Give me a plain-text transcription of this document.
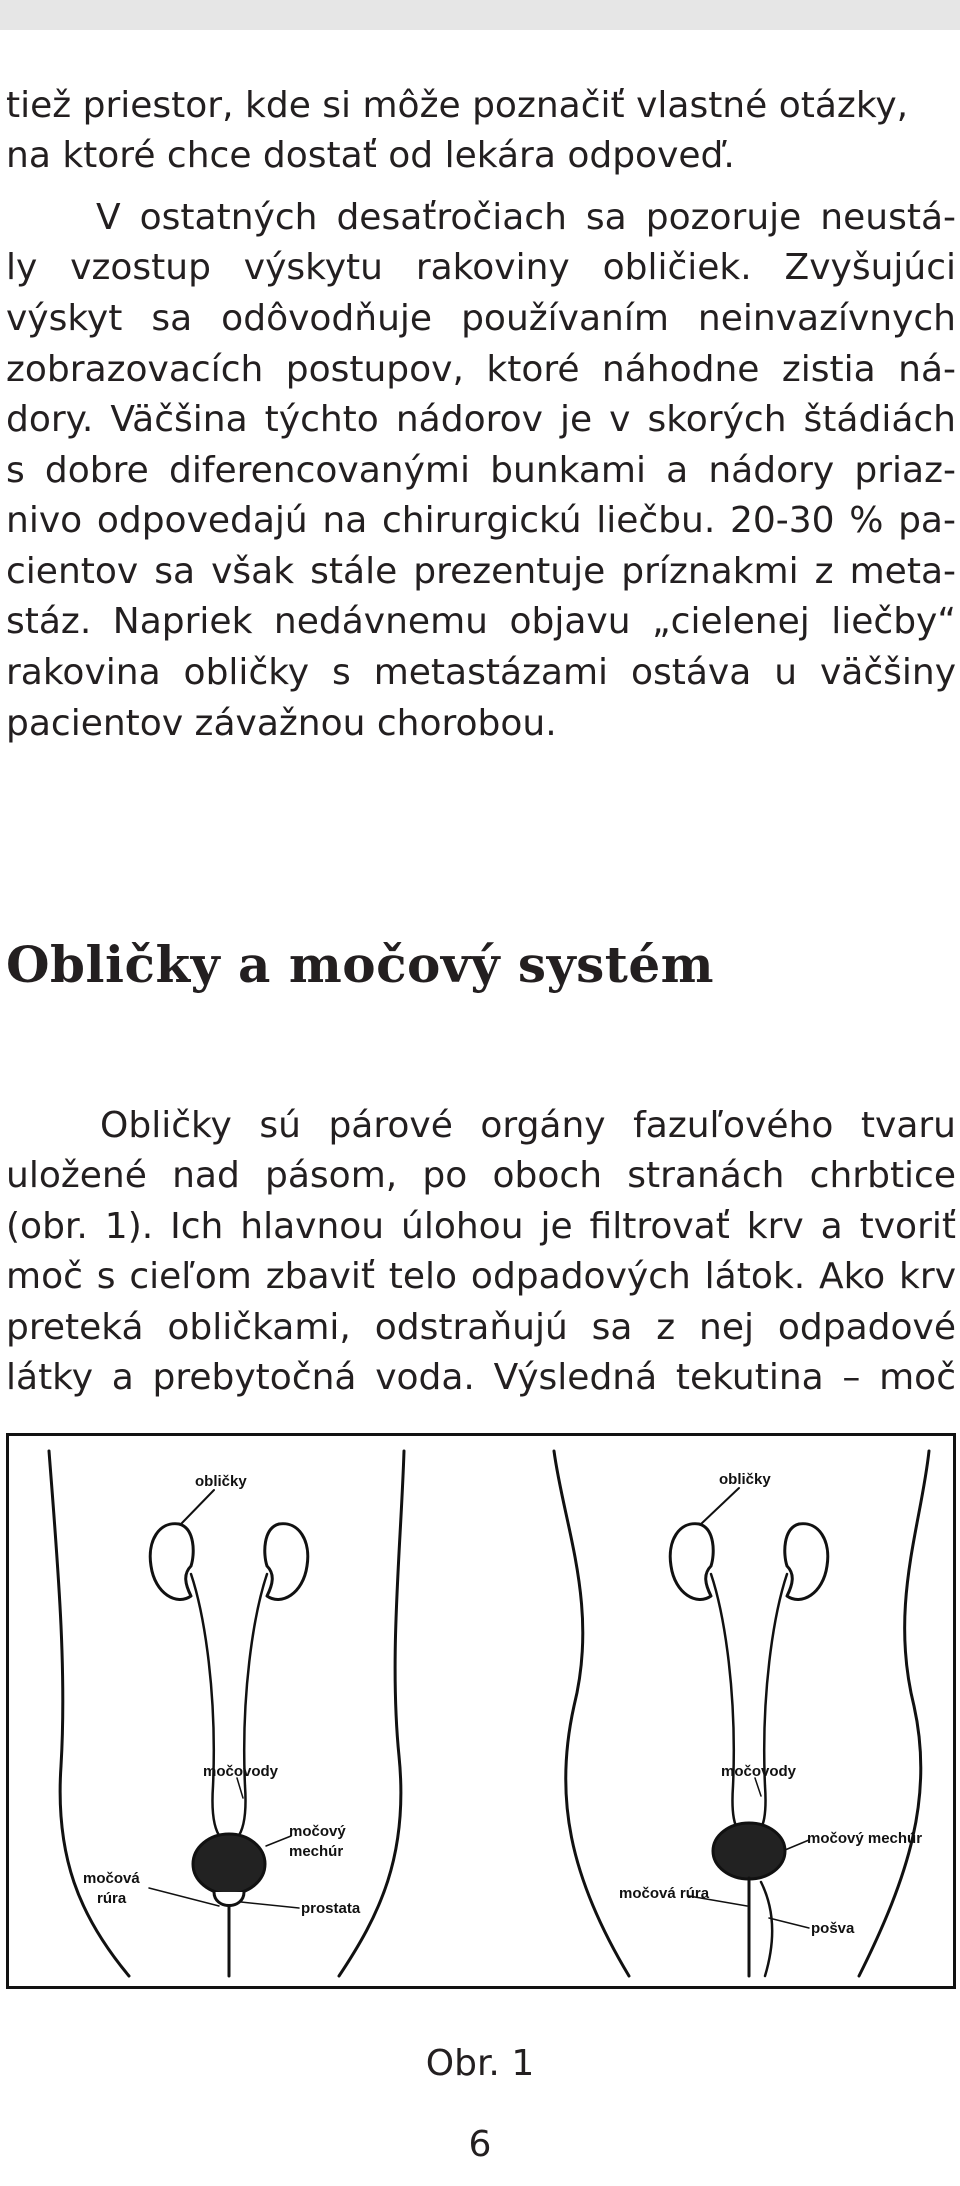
tiež priestor, kde si môže poznačiť vlastné otázky,
na ktoré chce dostať od lekára odpoveď.
V ostatných desaťročiach sa pozoruje neustá-
ly vzostup výskytu rakoviny obličiek. Zvyšujúci
výskyt sa odôvodňuje používaním neinvazívnych
zobrazovacích postupov, ktoré náhodne zistia ná-
dory. Väčšina týchto nádorov je v skorých štádiách
s dobre diferencovanými bunkami a nádory priaz-
nivo odpovedajú na chirurgickú liečbu. 20-30 % pa-
cientov sa však stále prezentuje príznakmi z meta-
stáz. Napriek nedávnemu objavu „cielenej liečby“
rakovina obličky s metastázami ostáva u väčšiny
pacientov závažnou chorobou.
Obličky a močový systém
Obličky sú párové orgány fazuľového tvaru
uložené nad pásom, po oboch stranách chrbtice
(obr. 1). Ich hlavnou úlohou je filtrovať krv a tvoriť
moč s cieľom zbaviť telo odpadových látok. Ako krv
preteká obličkami, odstraňujú sa z nej odpadové
látky a prebytočná voda. Výsledná tekutina – moč
obličky
močovody
močový
mechúr
močová
rúra
prostata
obličky
močovody
močový mechúr
močová rúra
pošva
Obr. 1
6
